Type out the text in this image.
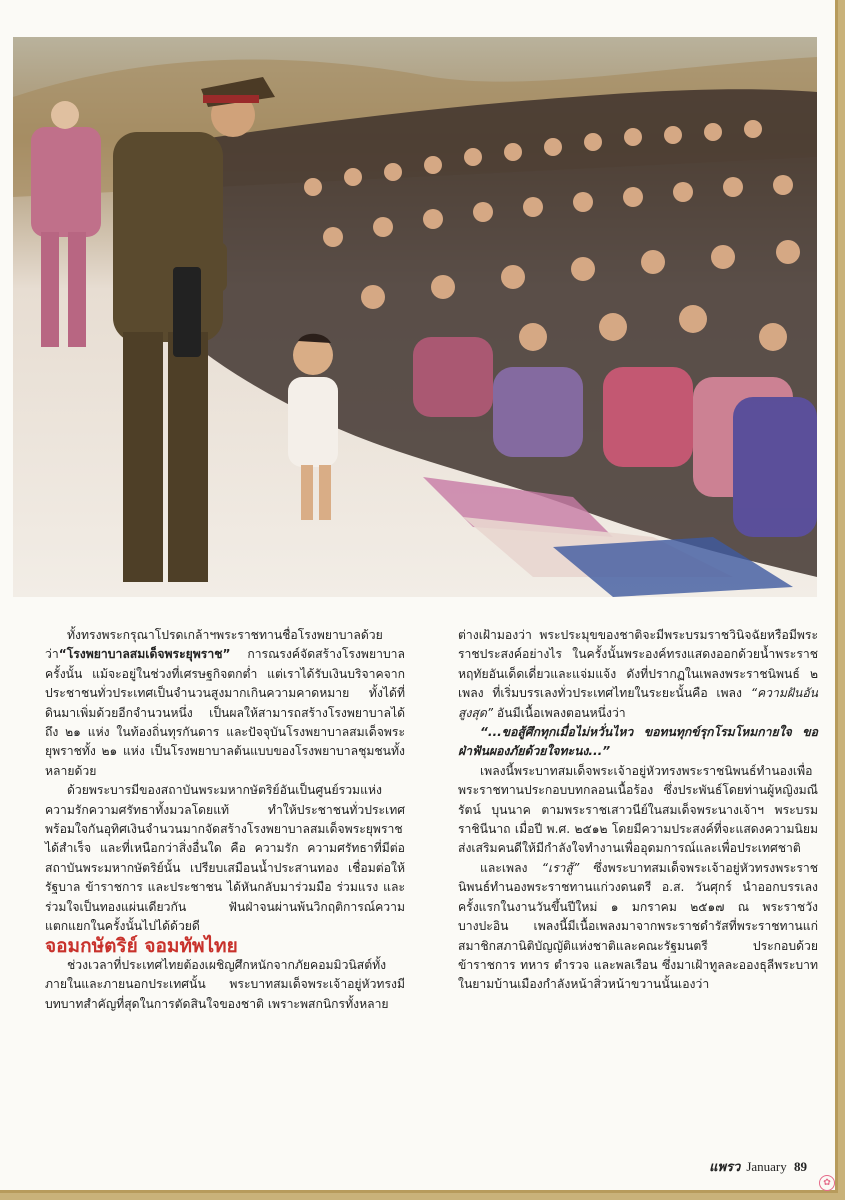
ทั้งทรงพระกรุณาโปรดเกล้าฯพระราชทานชื่อโรงพยาบาลด้วยว่า“โรงพยาบาลสมเด็จพระยุพราช” การณรงค์จัดสร้างโรงพยาบาลครั้งนั้น แม้จะอยู่ในช่วงที่เศรษฐกิจตกต่ำ แต่เราได้รับเงินบริจาคจากประชาชนทั่วประเทศเป็นจำนวนสูงมากเกินความคาดหมาย ทั้งได้ที่ดินมาเพิ่มด้วยอีกจำนวนหนึ่ง เป็นผลให้สามารถสร้างโรงพยาบาลได้ถึง ๒๑ แห่ง ในท้องถิ่นทุรกันดาร และปัจจุบันโรงพยาบาลสมเด็จพระยุพราชทั้ง ๒๑ แห่ง เป็นโรงพยาบาลต้นแบบของโรงพยาบาลชุมชนทั้งหลายด้วย

ด้วยพระบารมีของสถาบันพระมหากษัตริย์อันเป็นศูนย์รวมแห่งความรักความศรัทธาทั้งมวลโดยแท้ ทำให้ประชาชนทั่วประเทศพร้อมใจกันอุทิศเงินจำนวนมากจัดสร้างโรงพยาบาลสมเด็จพระยุพราชได้สำเร็จ และที่เหนือกว่าสิ่งอื่นใด คือ ความรัก ความศรัทธาที่มีต่อสถาบันพระมหากษัตริย์นั้น เปรียบเสมือนน้ำประสานทอง เชื่อมต่อให้รัฐบาล ข้าราชการ และประชาชน ได้หันกลับมาร่วมมือ ร่วมแรง และร่วมใจเป็นทองแผ่นเดียวกัน ฟันฝ่าจนผ่านพ้นวิกฤติการณ์ความแตกแยกในครั้งนั้นไปได้ด้วยดี

จอมกษัตริย์ จอมทัพไทย

ช่วงเวลาที่ประเทศไทยต้องเผชิญศึกหนักจากภัยคอมมิวนิสต์ทั้งภายในและภายนอกประเทศนั้น พระบาทสมเด็จพระเจ้าอยู่หัวทรงมีบทบาทสำคัญที่สุดในการตัดสินใจของชาติ เพราะพสกนิกรทั้งหลาย

ต่างเฝ้ามองว่า พระประมุขของชาติจะมีพระบรมราชวินิจฉัยหรือมีพระราชประสงค์อย่างไร ในครั้งนั้นพระองค์ทรงแสดงออกด้วยน้ำพระราชหฤทัยอันเด็ดเดี่ยวและแจ่มแจ้ง ดังที่ปรากฏในเพลงพระราชนิพนธ์ ๒ เพลง ที่เริ่มบรรเลงทั่วประเทศไทยในระยะนั้นคือ เพลง “ความฝันอันสูงสุด” อันมีเนื้อเพลงตอนหนึ่งว่า

“...ขอสู้ศึกทุกเมื่อไม่หวั่นไหว ขอทนทุกข์รุกโรมโหมกายใจ ขอฝ่าฟันผองภัยด้วยใจทะนง...”

เพลงนี้พระบาทสมเด็จพระเจ้าอยู่หัวทรงพระราชนิพนธ์ทำนองเพื่อพระราชทานประกอบบทกลอนเนื้อร้อง ซึ่งประพันธ์โดยท่านผู้หญิงมณีรัตน์ บุนนาค ตามพระราชเสาวนีย์ในสมเด็จพระนางเจ้าฯ พระบรมราชินีนาถ เมื่อปี พ.ศ. ๒๕๑๒ โดยมีความประสงค์ที่จะแสดงความนิยมส่งเสริมคนดีให้มีกำลังใจทำงานเพื่ออุดมการณ์และเพื่อประเทศชาติ

และเพลง “เราสู้” ซึ่งพระบาทสมเด็จพระเจ้าอยู่หัวทรงพระราชนิพนธ์ทำนองพระราชทานแก่วงดนตรี อ.ส. วันศุกร์ นำออกบรรเลงครั้งแรกในงานวันขึ้นปีใหม่ ๑ มกราคม ๒๕๑๗ ณ พระราชวังบางปะอิน เพลงนี้มีเนื้อเพลงมาจากพระราชดำรัสที่พระราชทานแก่สมาชิกสภานิติบัญญัติแห่งชาติและคณะรัฐมนตรี ประกอบด้วยข้าราชการ ทหาร ตำรวจ และพลเรือน ซึ่งมาเฝ้าทูลละอองธุลีพระบาทในยามบ้านเมืองกำลังหน้าสิ่วหน้าขวานนั้นเองว่า

แพรว January 89
✿
